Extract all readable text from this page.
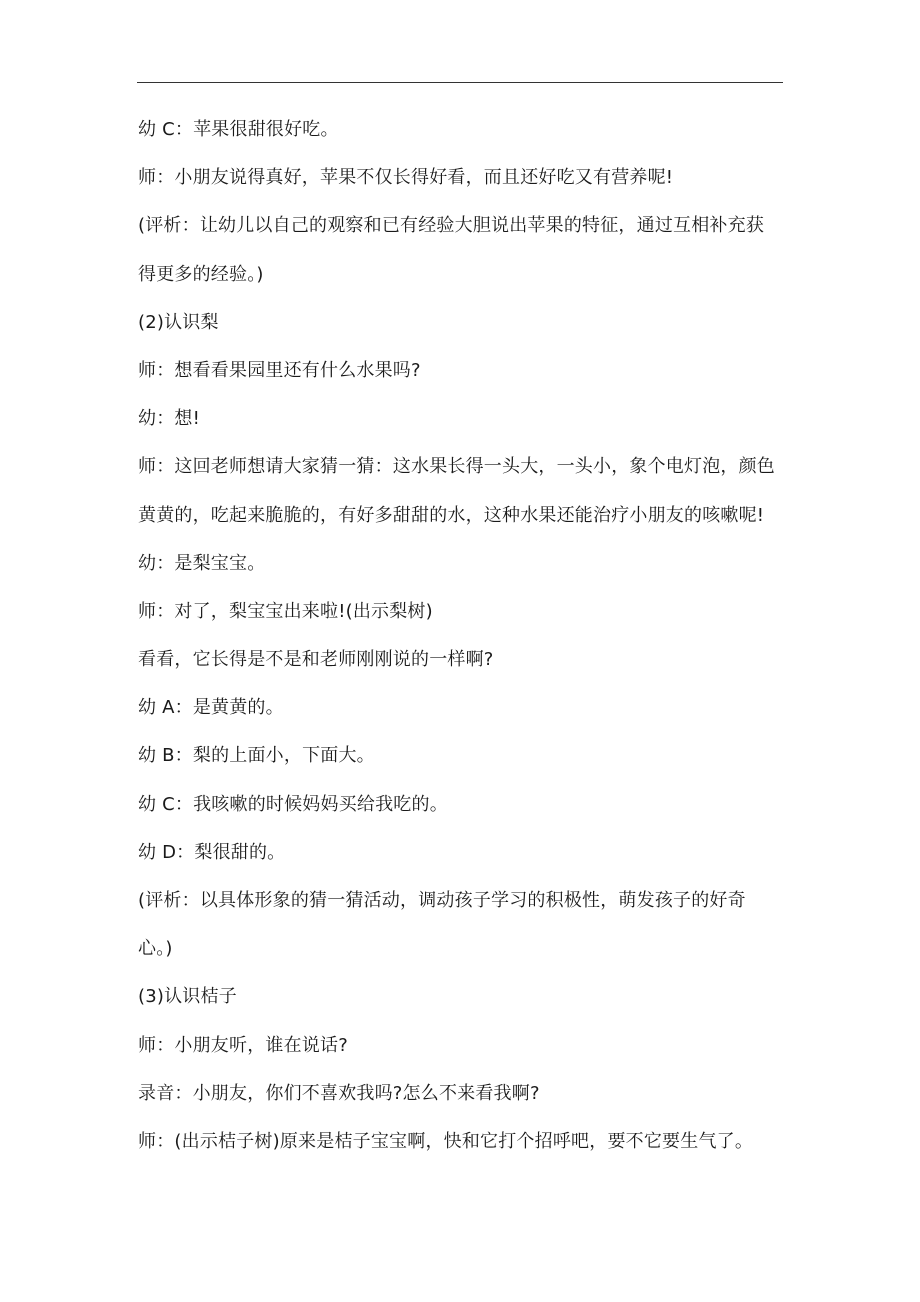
幼 C：苹果很甜很好吃。
师：小朋友说得真好，苹果不仅长得好看，而且还好吃又有营养呢!
(评析：让幼儿以自己的观察和已有经验大胆说出苹果的特征，通过互相补充获
得更多的经验。)
(2)认识梨
师：想看看果园里还有什么水果吗?
幼：想!
师：这回老师想请大家猜一猜：这水果长得一头大，一头小，象个电灯泡，颜色
黄黄的，吃起来脆脆的，有好多甜甜的水，这种水果还能治疗小朋友的咳嗽呢!
幼：是梨宝宝。
师：对了，梨宝宝出来啦!(出示梨树)
看看，它长得是不是和老师刚刚说的一样啊?
幼 A：是黄黄的。
幼 B：梨的上面小，下面大。
幼 C：我咳嗽的时候妈妈买给我吃的。
幼 D：梨很甜的。
(评析：以具体形象的猜一猜活动，调动孩子学习的积极性，萌发孩子的好奇
心。)
(3)认识桔子
师：小朋友听，谁在说话?
录音：小朋友，你们不喜欢我吗?怎么不来看我啊?
师：(出示桔子树)原来是桔子宝宝啊，快和它打个招呼吧，要不它要生气了。
